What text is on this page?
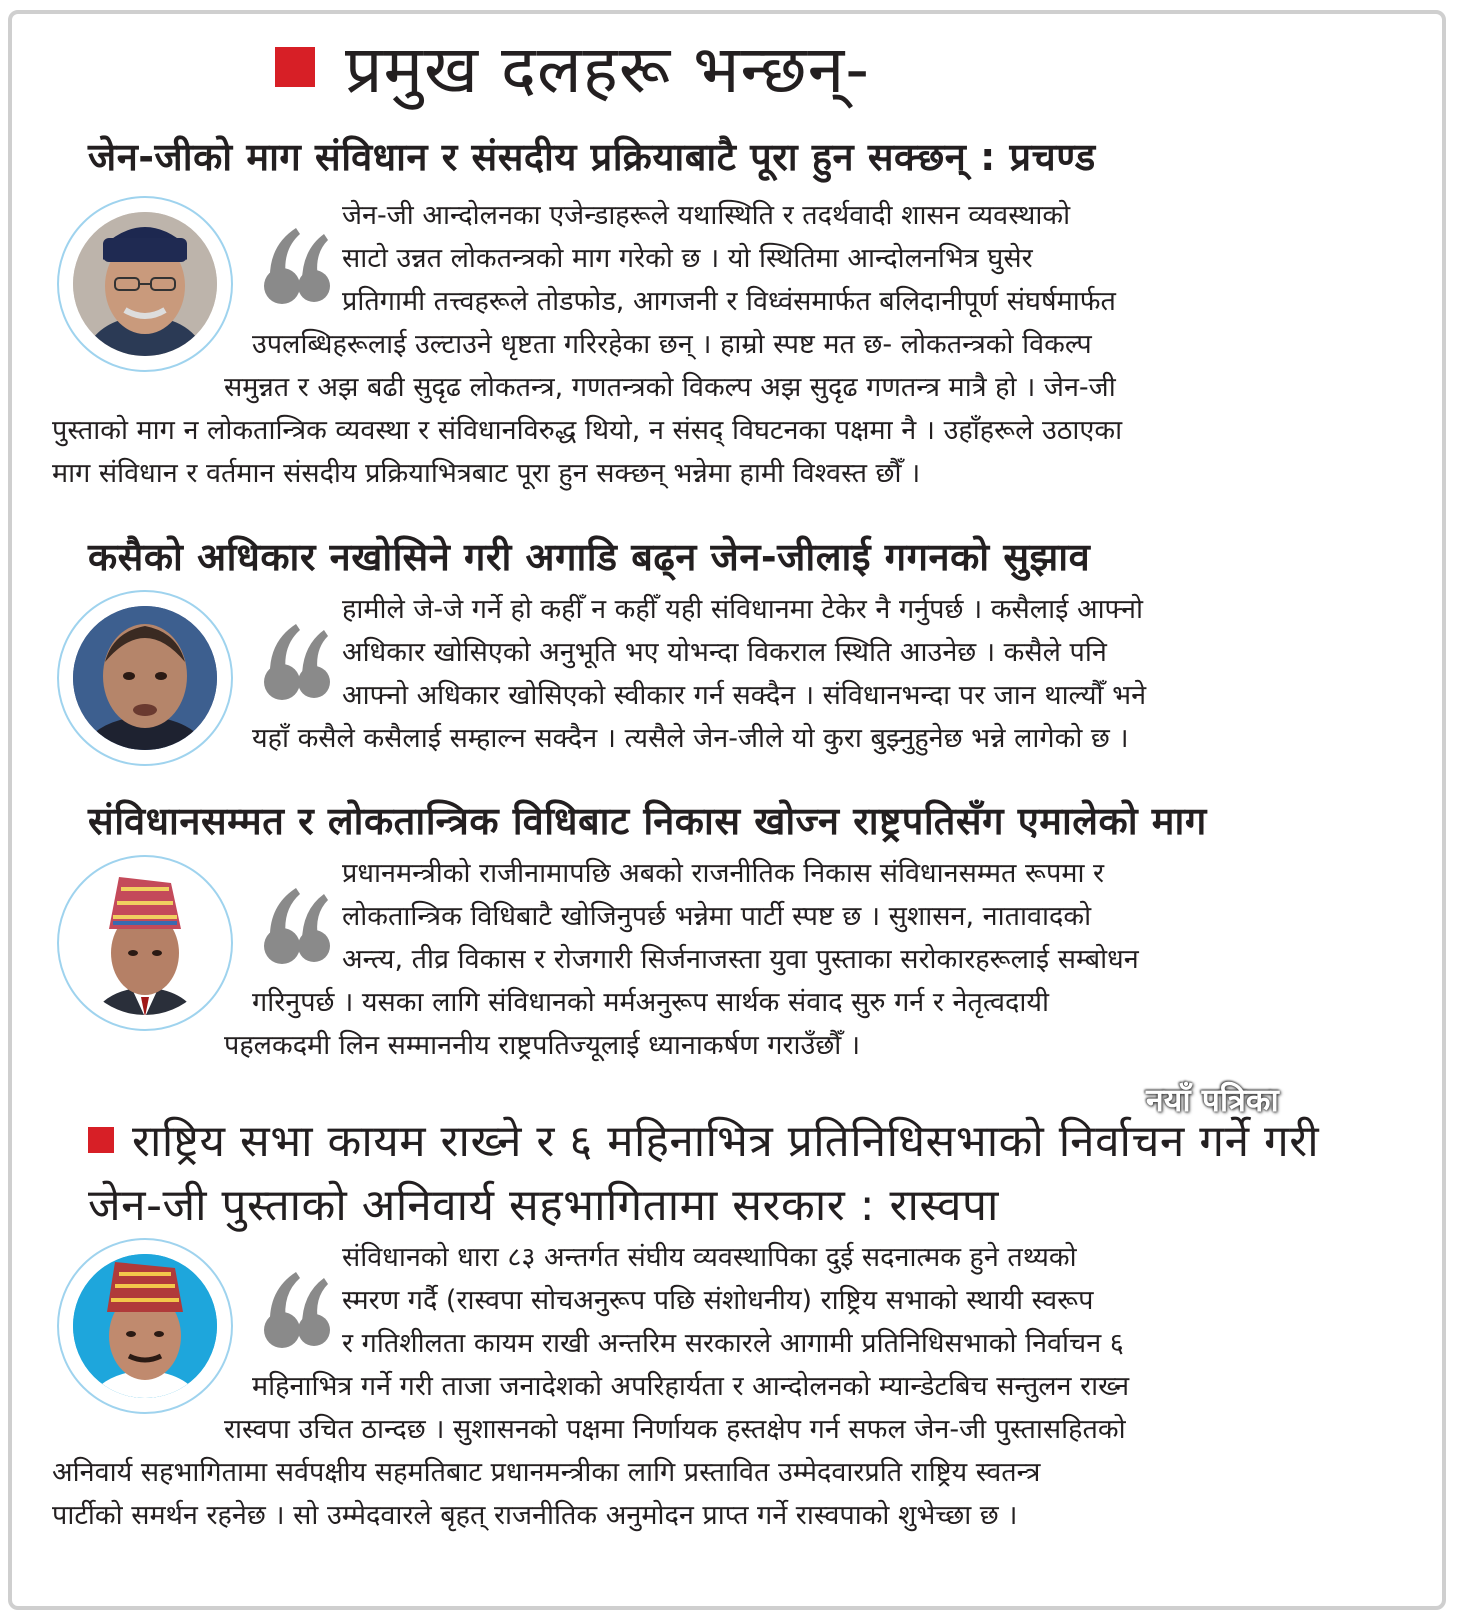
प्रमुख दलहरू भन्छन्-
जेन-जीको माग संविधान र संसदीय प्रक्रियाबाटै पूरा हुन सक्छन् : प्रचण्ड
जेन-जी आन्दोलनका एजेन्डाहरूले यथास्थिति र तदर्थवादी शासन व्यवस्थाको
साटो उन्नत लोकतन्त्रको माग गरेको छ । यो स्थितिमा आन्दोलनभित्र घुसेर
प्रतिगामी तत्त्वहरूले तोडफोड, आगजनी र विध्वंसमार्फत बलिदानीपूर्ण संघर्षमार्फत
उपलब्धिहरूलाई उल्टाउने धृष्टता गरिरहेका छन् । हाम्रो स्पष्ट मत छ- लोकतन्त्रको विकल्प
समुन्नत र अझ बढी सुदृढ लोकतन्त्र, गणतन्त्रको विकल्प अझ सुदृढ गणतन्त्र मात्रै हो । जेन-जी
पुस्ताको माग न लोकतान्त्रिक व्यवस्था र संविधानविरुद्ध थियो, न संसद् विघटनका पक्षमा नै । उहाँहरूले उठाएका
माग संविधान र वर्तमान संसदीय प्रक्रियाभित्रबाट पूरा हुन सक्छन् भन्नेमा हामी विश्वस्त छौँ ।
कसैको अधिकार नखोसिने गरी अगाडि बढ्न जेन-जीलाई गगनको सुझाव
हामीले जे-जे गर्ने हो कहीँ न कहीँ यही संविधानमा टेकेर नै गर्नुपर्छ । कसैलाई आफ्नो
अधिकार खोसिएको अनुभूति भए योभन्दा विकराल स्थिति आउनेछ । कसैले पनि
आफ्नो अधिकार खोसिएको स्वीकार गर्न सक्दैन । संविधानभन्दा पर जान थाल्यौँ भने
यहाँ कसैले कसैलाई सम्हाल्न सक्दैन । त्यसैले जेन-जीले यो कुरा बुझ्नुहुनेछ भन्ने लागेको छ ।
संविधानसम्मत र लोकतान्त्रिक विधिबाट निकास खोज्न राष्ट्रपतिसँग एमालेको माग
प्रधानमन्त्रीको राजीनामापछि अबको राजनीतिक निकास संविधानसम्मत रूपमा र
लोकतान्त्रिक विधिबाटै खोजिनुपर्छ भन्नेमा पार्टी स्पष्ट छ । सुशासन, नातावादको
अन्त्य, तीव्र विकास र रोजगारी सिर्जनाजस्ता युवा पुस्ताका सरोकारहरूलाई सम्बोधन
गरिनुपर्छ । यसका लागि संविधानको मर्मअनुरूप सार्थक संवाद सुरु गर्न र नेतृत्वदायी
पहलकदमी लिन सम्माननीय राष्ट्रपतिज्यूलाई ध्यानाकर्षण गराउँछौँ ।
नयाँ पत्रिका
राष्ट्रिय सभा कायम राख्ने र ६ महिनाभित्र प्रतिनिधिसभाको निर्वाचन गर्ने गरी जेन-जी पुस्ताको अनिवार्य सहभागितामा सरकार : रास्वपा
संविधानको धारा ८३ अन्तर्गत संघीय व्यवस्थापिका दुई सदनात्मक हुने तथ्यको
स्मरण गर्दै (रास्वपा सोचअनुरूप पछि संशोधनीय) राष्ट्रिय सभाको स्थायी स्वरूप
र गतिशीलता कायम राखी अन्तरिम सरकारले आगामी प्रतिनिधिसभाको निर्वाचन ६
महिनाभित्र गर्ने गरी ताजा जनादेशको अपरिहार्यता र आन्दोलनको म्यान्डेटबिच सन्तुलन राख्न
रास्वपा उचित ठान्दछ । सुशासनको पक्षमा निर्णायक हस्तक्षेप गर्न सफल जेन-जी पुस्तासहितको
अनिवार्य सहभागितामा सर्वपक्षीय सहमतिबाट प्रधानमन्त्रीका लागि प्रस्तावित उम्मेदवारप्रति राष्ट्रिय स्वतन्त्र
पार्टीको समर्थन रहनेछ । सो उम्मेदवारले बृहत् राजनीतिक अनुमोदन प्राप्त गर्ने रास्वपाको शुभेच्छा छ ।
